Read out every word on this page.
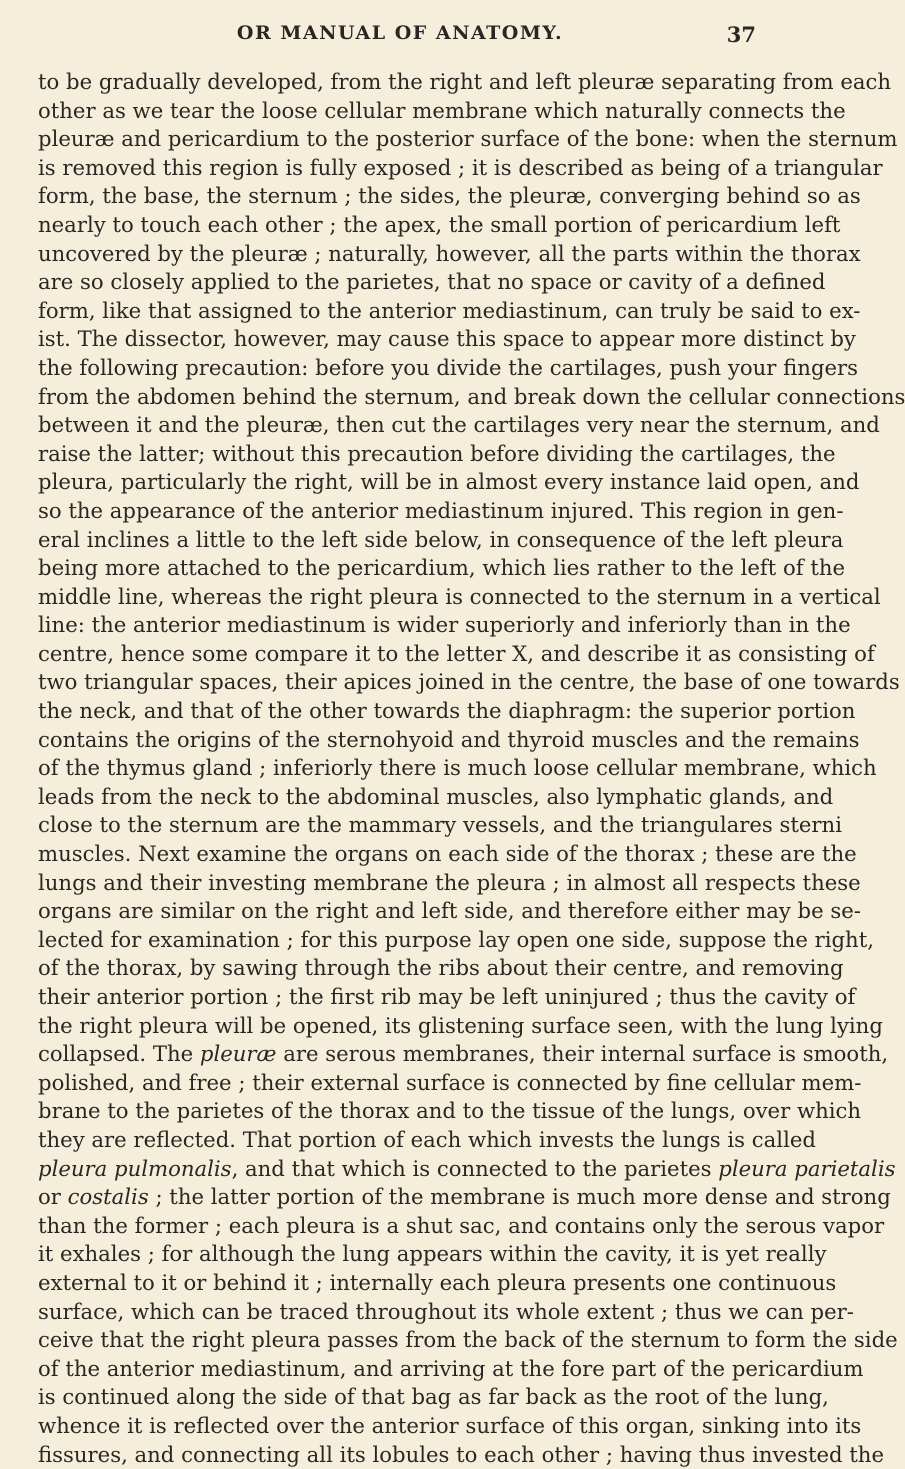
OR MANUAL OF ANATOMY.	37
to be gradually developed, from the right and left pleuræ separating from each
other as we tear the loose cellular membrane which naturally connects the
pleuræ and pericardium to the posterior surface of the bone: when the sternum
is removed this region is fully exposed ; it is described as being of a triangular
form, the base, the sternum ; the sides, the pleuræ, converging behind so as
nearly to touch each other ; the apex, the small portion of pericardium left
uncovered by the pleuræ ; naturally, however, all the parts within the thorax
are so closely applied to the parietes, that no space or cavity of a defined
form, like that assigned to the anterior mediastinum, can truly be said to ex-
ist. The dissector, however, may cause this space to appear more distinct by
the following precaution: before you divide the cartilages, push your fingers
from the abdomen behind the sternum, and break down the cellular connections
between it and the pleuræ, then cut the cartilages very near the sternum, and
raise the latter; without this precaution before dividing the cartilages, the
pleura, particularly the right, will be in almost every instance laid open, and
so the appearance of the anterior mediastinum injured. This region in gen-
eral inclines a little to the left side below, in consequence of the left pleura
being more attached to the pericardium, which lies rather to the left of the
middle line, whereas the right pleura is connected to the sternum in a vertical
line: the anterior mediastinum is wider superiorly and inferiorly than in the
centre, hence some compare it to the letter X, and describe it as consisting of
two triangular spaces, their apices joined in the centre, the base of one towards
the neck, and that of the other towards the diaphragm: the superior portion
contains the origins of the sternohyoid and thyroid muscles and the remains
of the thymus gland ; inferiorly there is much loose cellular membrane, which
leads from the neck to the abdominal muscles, also lymphatic glands, and
close to the sternum are the mammary vessels, and the triangulares sterni
muscles. Next examine the organs on each side of the thorax ; these are the
lungs and their investing membrane the pleura ; in almost all respects these
organs are similar on the right and left side, and therefore either may be se-
lected for examination ; for this purpose lay open one side, suppose the right,
of the thorax, by sawing through the ribs about their centre, and removing
their anterior portion ; the first rib may be left uninjured ; thus the cavity of
the right pleura will be opened, its glistening surface seen, with the lung lying
collapsed. The pleuræ are serous membranes, their internal surface is smooth,
polished, and free ; their external surface is connected by fine cellular mem-
brane to the parietes of the thorax and to the tissue of the lungs, over which
they are reflected. That portion of each which invests the lungs is called
pleura pulmonalis, and that which is connected to the parietes pleura parietalis
or costalis ; the latter portion of the membrane is much more dense and strong
than the former ; each pleura is a shut sac, and contains only the serous vapor
it exhales ; for although the lung appears within the cavity, it is yet really
external to it or behind it ; internally each pleura presents one continuous
surface, which can be traced throughout its whole extent ; thus we can per-
ceive that the right pleura passes from the back of the sternum to form the side
of the anterior mediastinum, and arriving at the fore part of the pericardium
is continued along the side of that bag as far back as the root of the lung,
whence it is reflected over the anterior surface of this organ, sinking into its
fissures, and connecting all its lobules to each other ; having thus invested the
